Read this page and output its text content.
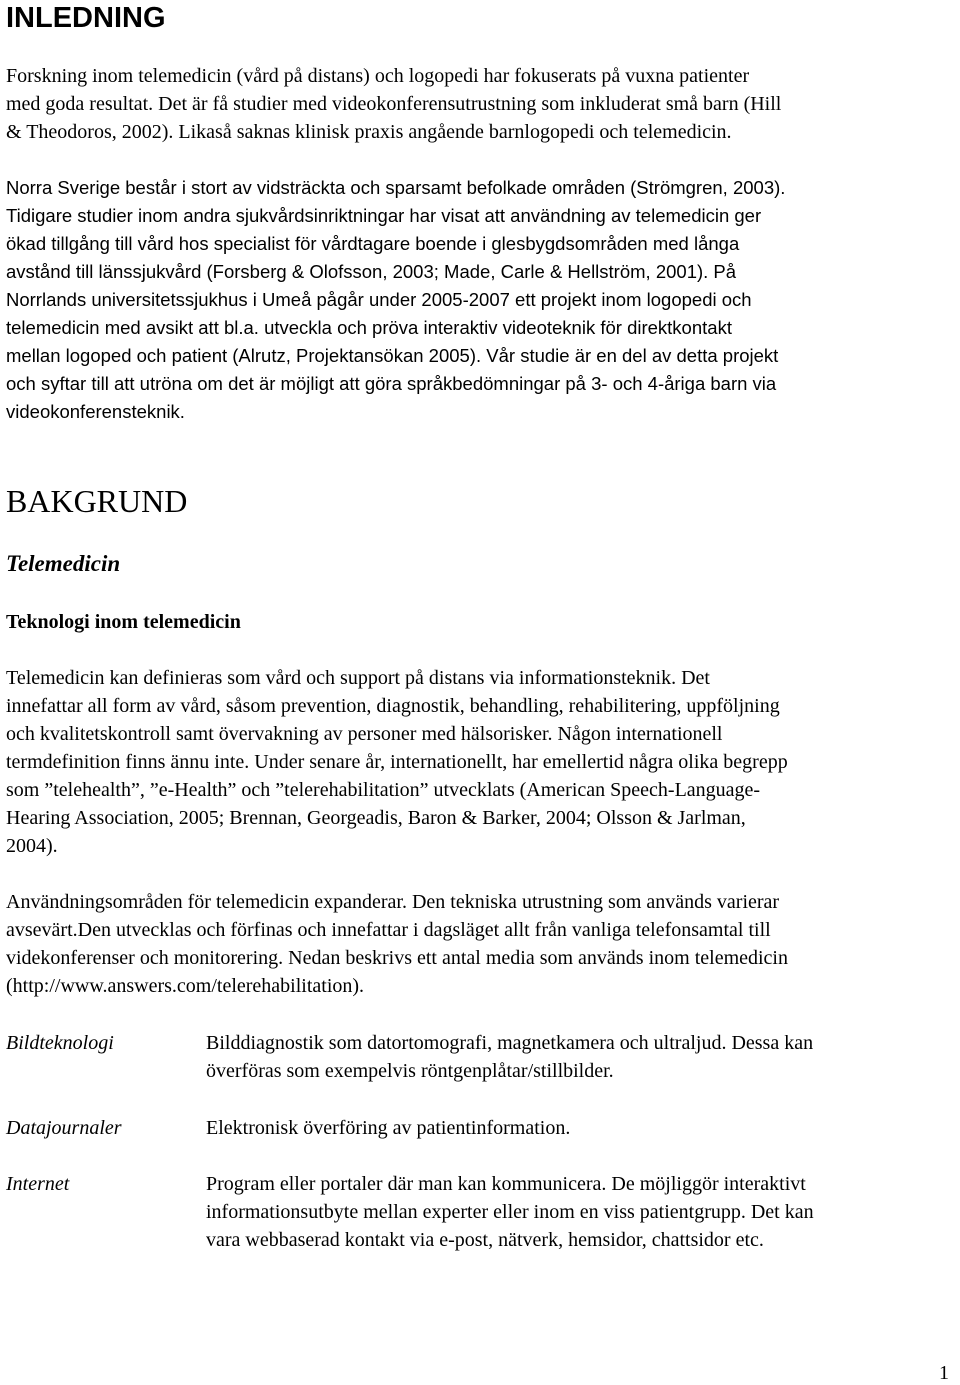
INLEDNING
Forskning inom telemedicin (vård på distans) och logopedi har fokuserats på vuxna patienter
med goda resultat. Det är få studier med videokonferensutrustning som inkluderat små barn (Hill
& Theodoros, 2002). Likaså saknas klinisk praxis angående barnlogopedi och telemedicin.
Norra Sverige består i stort av vidsträckta och sparsamt befolkade områden (Strömgren, 2003).
Tidigare studier inom andra sjukvårdsinriktningar har visat att användning av telemedicin ger
ökad tillgång till vård hos specialist för vårdtagare boende i glesbygdsområden med långa
avstånd till länssjukvård (Forsberg & Olofsson, 2003; Made, Carle & Hellström, 2001). På
Norrlands universitetssjukhus i Umeå pågår under 2005-2007 ett projekt inom logopedi och
telemedicin med avsikt att bl.a. utveckla och pröva interaktiv videoteknik för direktkontakt
mellan logoped och patient (Alrutz, Projektansökan 2005). Vår studie är en del av detta projekt
och syftar till att utröna om det är möjligt att göra språkbedömningar på 3- och 4-åriga barn via
videokonferensteknik.
BAKGRUND
Telemedicin
Teknologi inom telemedicin
Telemedicin kan definieras som vård och support på distans via informationsteknik. Det
innefattar all form av vård, såsom prevention, diagnostik, behandling, rehabilitering, uppföljning
och kvalitetskontroll samt övervakning av personer med hälsorisker. Någon internationell
termdefinition finns ännu inte. Under senare år, internationellt, har emellertid några olika begrepp
som ”telehealth”, ”e-Health” och ”telerehabilitation” utvecklats (American Speech-Language-
Hearing Association, 2005; Brennan, Georgeadis, Baron & Barker, 2004; Olsson & Jarlman,
2004).
Användningsområden för telemedicin expanderar. Den tekniska utrustning som används varierar
avsevärt.Den utvecklas och förfinas och innefattar i dagsläget allt från vanliga telefonsamtal till
videkonferenser och monitorering. Nedan beskrivs ett antal media som används inom telemedicin
(http://www.answers.com/telerehabilitation).
Bildteknologi	Bilddiagnostik som datortomografi, magnetkamera och ultraljud. Dessa kan
överföras som exempelvis röntgenplåtar/stillbilder.
Datajournaler	Elektronisk överföring av patientinformation.
Internet	Program eller portaler där man kan kommunicera. De möjliggör interaktivt
informationsutbyte mellan experter eller inom en viss patientgrupp. Det kan
vara webbaserad kontakt via e-post, nätverk, hemsidor, chattsidor etc.
1
